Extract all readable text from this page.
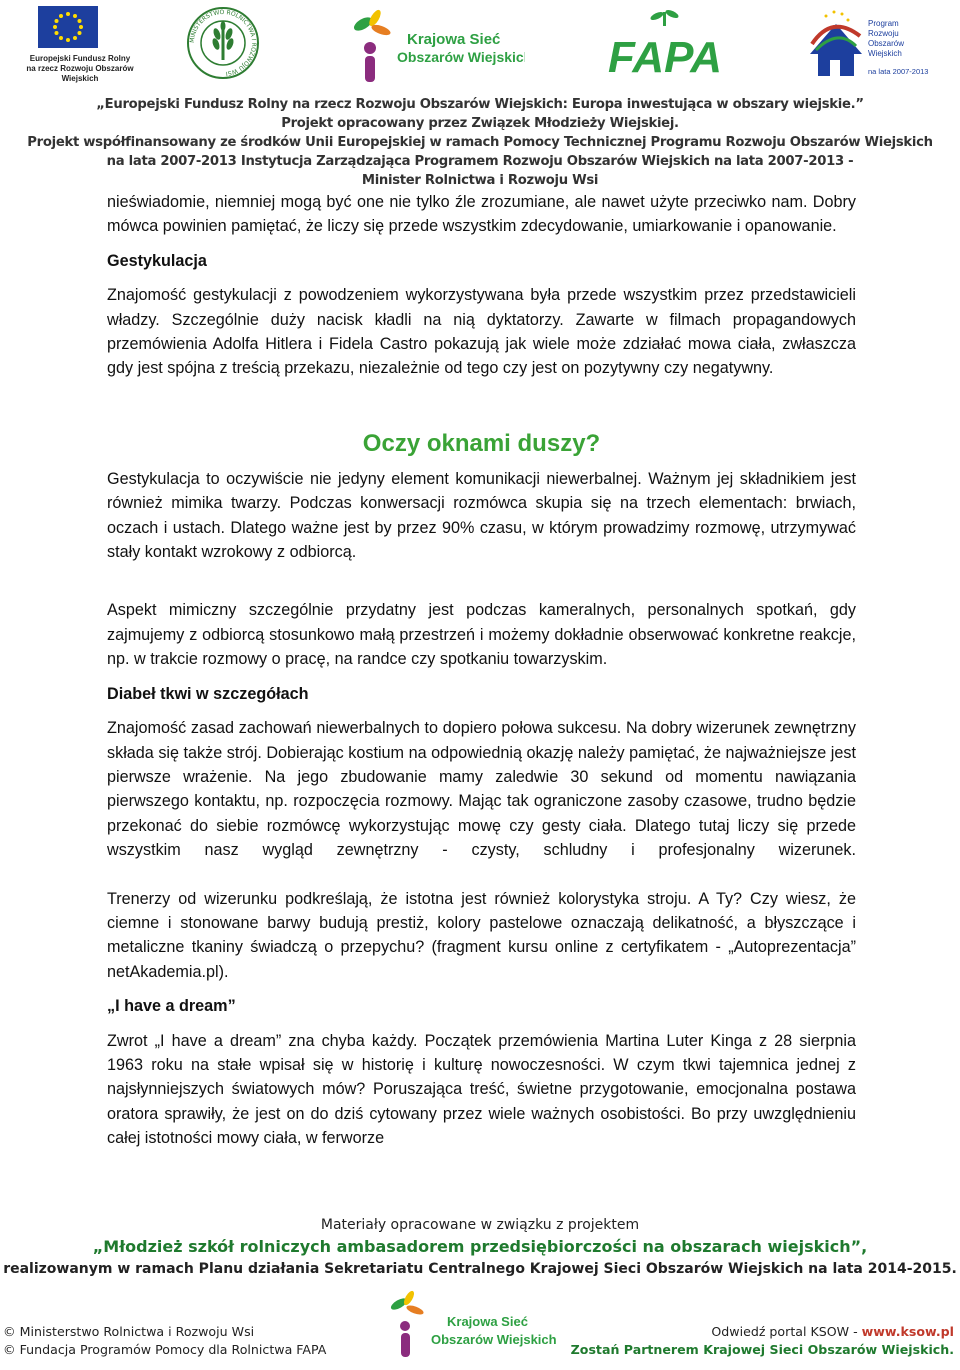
Europejski Fundusz Rolny
na rzecz Rozwoju Obszarów Wiejskich
MINISTERSTWO ROLNICTWA I ROZWOJU WSI
Krajowa Sieć
Obszarów Wiejskich FAPA
Program
Rozwoju
Obszarów
Wiejskich
na lata 2007-2013
„Europejski Fundusz Rolny na rzecz Rozwoju Obszarów Wiejskich: Europa inwestująca w obszary wiejskie.”
Projekt opracowany przez Związek Młodzieży Wiejskiej.
Projekt współfinansowany ze środków Unii Europejskiej w ramach Pomocy Technicznej Programu Rozwoju Obszarów Wiejskich
na lata 2007-2013 Instytucja Zarządzająca Programem Rozwoju Obszarów Wiejskich na lata 2007-2013 -
Minister Rolnictwa i Rozwoju Wsi

nieświadomie, niemniej mogą być one nie tylko źle zrozumiane, ale nawet użyte przeciwko nam. Dobry mówca powinien pamiętać, że liczy się przede wszystkim zdecydowanie, umiarkowanie i opanowanie.

Gestykulacja

Znajomość gestykulacji z powodzeniem wykorzystywana była przede wszystkim przez przedstawicieli władzy. Szczególnie duży nacisk kładli na nią dyktatorzy. Zawarte w filmach propagandowych przemówienia Adolfa Hitlera i Fidela Castro pokazują jak wiele może zdziałać mowa ciała, zwłaszcza gdy jest spójna z treścią przekazu, niezależnie od tego czy jest on pozytywny czy negatywny.

Oczy oknami duszy?

Gestykulacja to oczywiście nie jedyny element komunikacji niewerbalnej. Ważnym jej składnikiem jest również mimika twarzy. Podczas konwersacji rozmówca skupia się na trzech elementach: brwiach, oczach i ustach. Dlatego ważne jest by przez 90% czasu, w którym prowadzimy rozmowę, utrzymywać stały kontakt wzrokowy z odbiorcą.

Aspekt mimiczny szczególnie przydatny jest podczas kameralnych, personalnych spotkań, gdy zajmujemy z odbiorcą stosunkowo małą przestrzeń i możemy dokładnie obserwować konkretne reakcje, np. w trakcie rozmowy o pracę, na randce czy spotkaniu towarzyskim.

Diabeł tkwi w szczegółach

Znajomość zasad zachowań niewerbalnych to dopiero połowa sukcesu. Na dobry wizerunek zewnętrzny składa się także strój. Dobierając kostium na odpowiednią okazję należy pamiętać, że najważniejsze jest pierwsze wrażenie. Na jego zbudowanie mamy zaledwie 30 sekund od momentu nawiązania pierwszego kontaktu, np. rozpoczęcia rozmowy. Mając tak ograniczone zasoby czasowe, trudno będzie przekonać do siebie rozmówcę wykorzystując mowę czy gesty ciała. Dlatego tutaj liczy się przede wszystkim nasz wygląd zewnętrzny - czysty, schludny i profesjonalny wizerunek.

Trenerzy od wizerunku podkreślają, że istotna jest również kolorystyka stroju. A Ty? Czy wiesz, że ciemne i stonowane barwy budują prestiż, kolory pastelowe oznaczają delikatność, a błyszczące i metaliczne tkaniny świadczą o przepychu? (fragment kursu online z certyfikatem - „Autoprezentacja” netAkademia.pl).

„I have a dream”

Zwrot „I have a dream” zna chyba każdy. Początek przemówienia Martina Luter Kinga z 28 sierpnia 1963 roku na stałe wpisał się w historię i kulturę nowoczesności. W czym tkwi tajemnica jednej z najsłynniejszych światowych mów? Poruszająca treść, świetne przygotowanie, emocjonalna postawa oratora sprawiły, że jest on do dziś cytowany przez wiele ważnych osobistości. Bo przy uwzględnieniu całej istotności mowy ciała, w ferworze

Materiały opracowane w związku z projektem
„Młodzież szkół rolniczych ambasadorem przedsiębiorczości na obszarach wiejskich”,
realizowanym w ramach Planu działania Sekretariatu Centralnego Krajowej Sieci Obszarów Wiejskich na lata 2014-2015.
Krajowa Sieć
Obszarów Wiejskich
© Ministerstwo Rolnictwa i Rozwoju Wsi
© Fundacja Programów Pomocy dla Rolnictwa FAPA
Odwiedź portal KSOW - www.ksow.pl
Zostań Partnerem Krajowej Sieci Obszarów Wiejskich.
